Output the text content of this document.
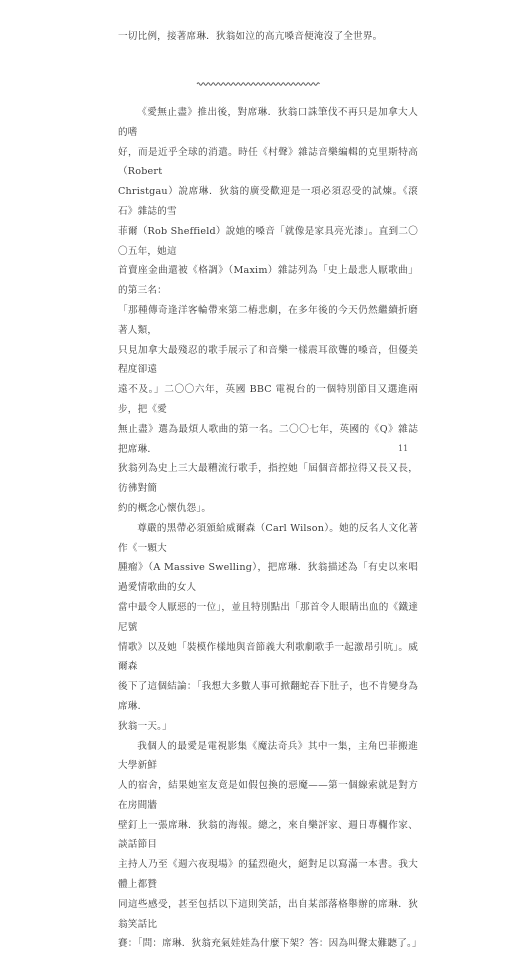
一切比例，接著席琳．狄翁如泣的高亢嗓音便淹沒了全世界。

《愛無止盡》推出後，對席琳．狄翁口誅筆伐不再只是加拿大人的嗜
好，而是近乎全球的消遣。時任《村聲》雜誌音樂編輯的克里斯特高（Robert
Christgau）說席琳．狄翁的廣受歡迎是一項必須忍受的試煉。《滾石》雜誌的雪
菲爾（Rob Sheffield）說她的嗓音「就像是家具亮光漆」。直到二〇〇五年，她這
首賣座金曲還被《格調》（Maxim）雜誌列為「史上最悲人厭歌曲」的第三名：
「那種傳奇逢洋客輪帶來第二樁悲劇，在多年後的今天仍然繼續折磨著人類，
只見加拿大最殘忍的歌手展示了和音樂一樣震耳欲聾的嗓音，但優美程度卻遠
遠不及。」二〇〇六年，英國 BBC 電視台的一個特別節目又選進兩步，把《愛
無止盡》選為最煩人歌曲的第一名。二〇〇七年，英國的《Q》雜誌把席琳．
狄翁列為史上三大最糟流行歌手，指控她「屆個音都拉得又長又長，彷彿對簡
約的概念心懷仇怨」。

尊嚴的黑帶必須頒給威爾森（Carl Wilson）。她的反名人文化著作《一顆大
腫瘤》（A Massive Swelling），把席琳．狄翁描述為「有史以來唱過愛情歌曲的女人
當中最令人厭惡的一位」，並且特別點出「那首令人眼睛出血的《鐵達尼號
情歌》以及她「裝模作樣地與音節義大利歌劇歌手一起激昂引吭」。威爾森
後下了這個結論：「我想大多數人事可掀翻蛇吞下肚子，也不肯變身為席琳．
狄翁一天。」

我個人的最愛是電視影集《魔法奇兵》其中一集，主角巴菲搬進大學新鮮
人的宿舍，結果她室友竟是如假包換的惡魔——第一個線索就是對方在房間牆
壁釘上一張席琳．狄翁的海報。總之，來自樂評家、週日專欄作家、談話節目
主持人乃至《週六夜現場》的猛烈砲火，絕對足以寫滿一本書。我大體上都贊
同這些感受，甚至包括以下這則笑話，出自某部落格舉辦的席琳．狄翁笑話比
賽：「問：席琳．狄翁充氣娃娃為什麼下架？答：因為叫聲太難聽了。」

11
